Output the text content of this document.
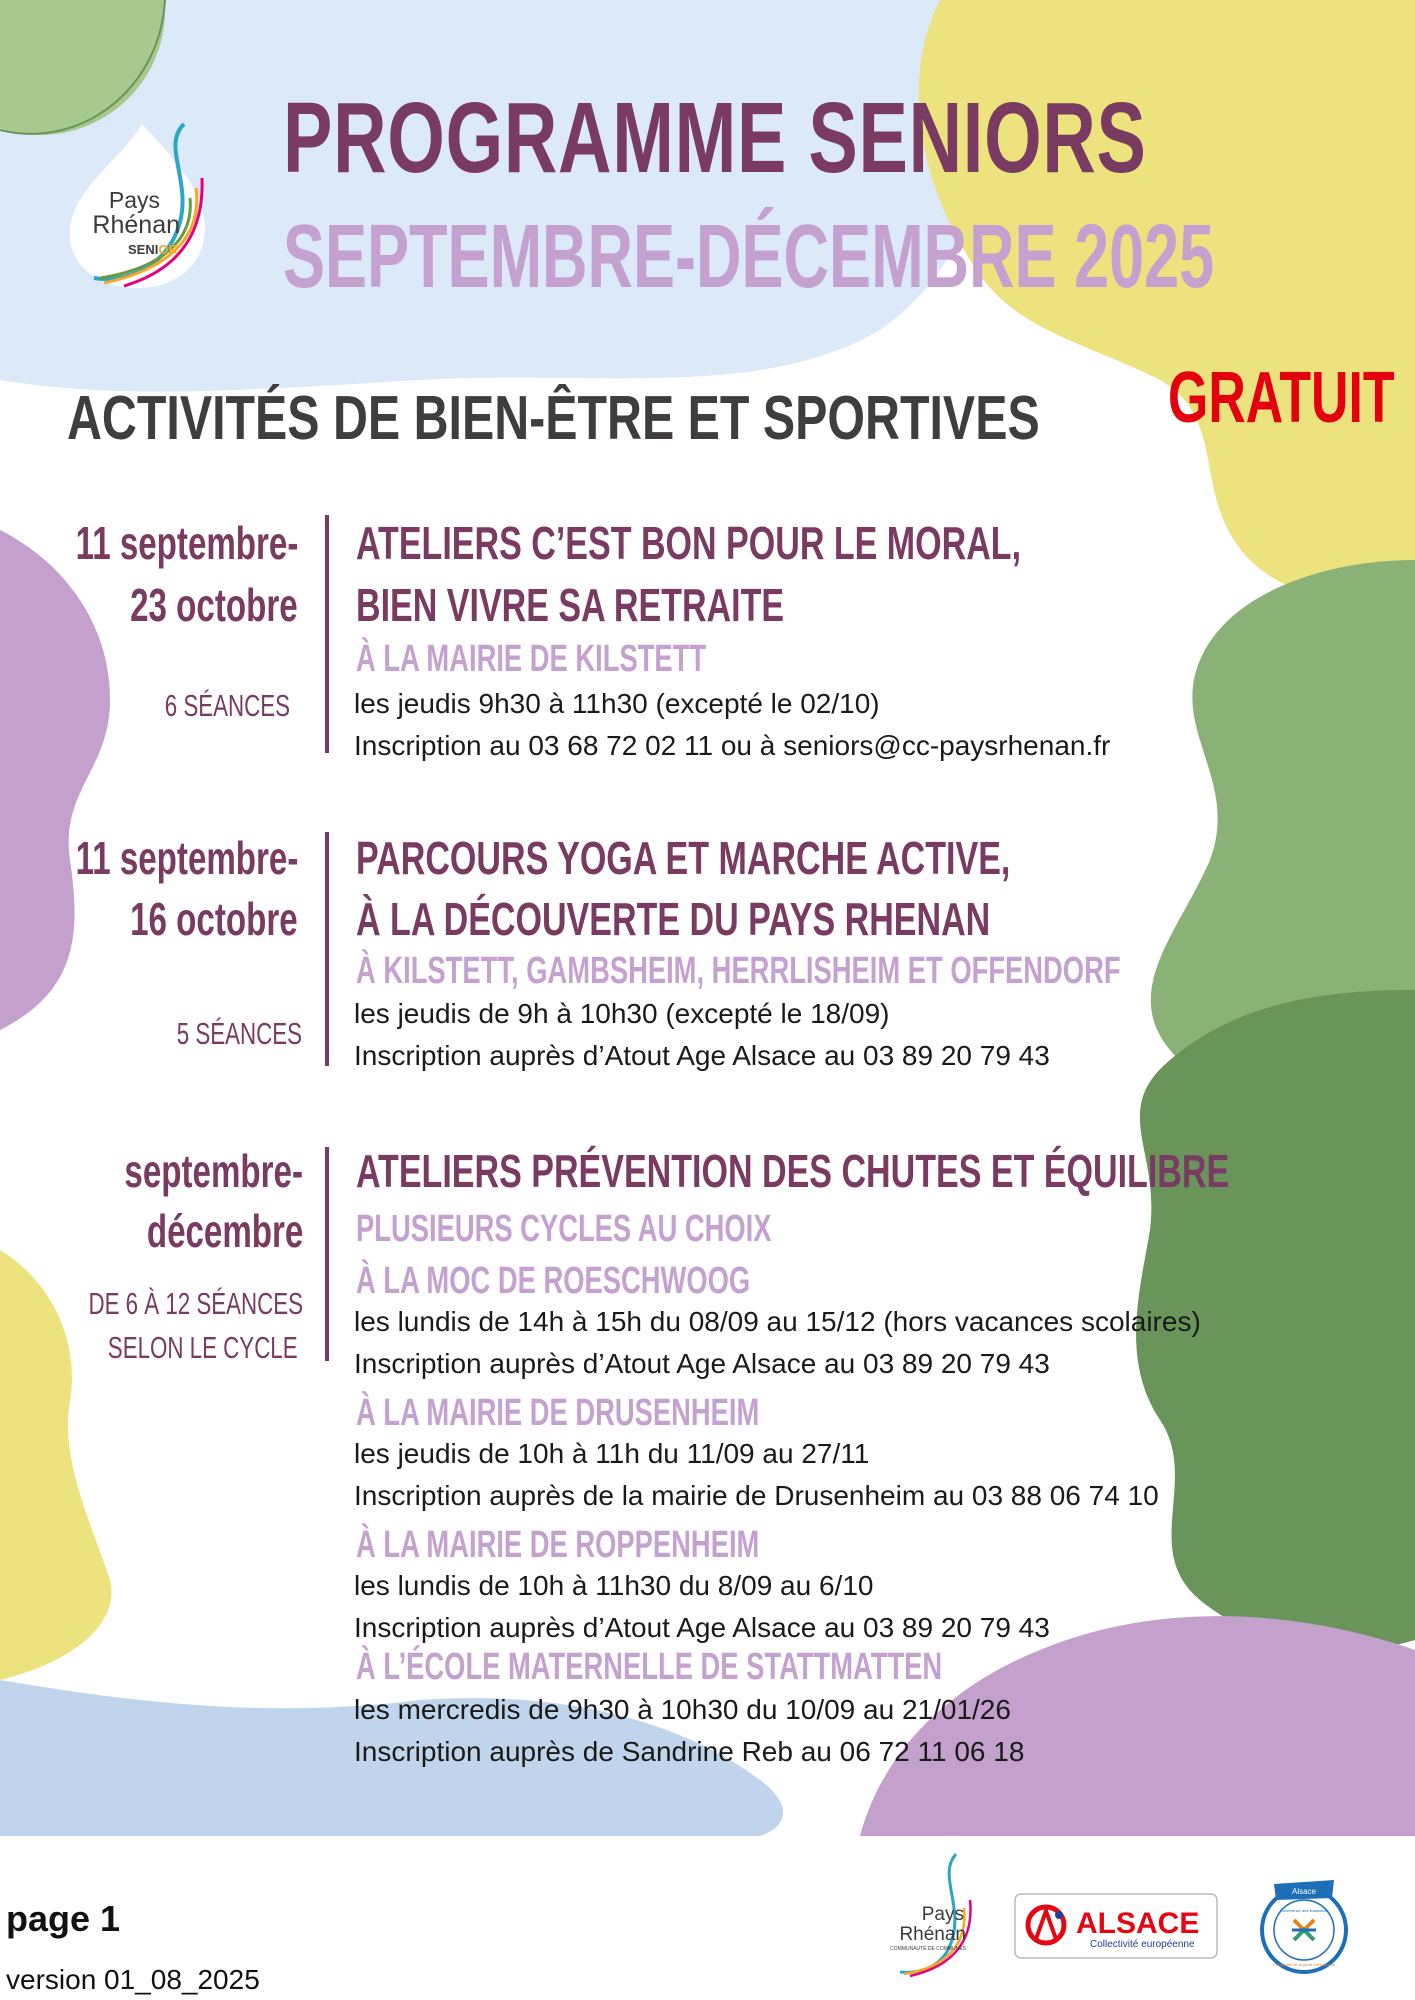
Pays
Rhénan
SENIOR
PROGRAMME SENIORS
SEPTEMBRE-DÉCEMBRE 2025
GRATUIT
ACTIVITÉS DE BIEN-ÊTRE ET SPORTIVES
11 septembre-
23 octobre
6 SÉANCES
ATELIERS C’EST BON POUR LE MORAL,
BIEN VIVRE SA RETRAITE
À LA MAIRIE DE KILSTETT
les jeudis 9h30 à 11h30 (excepté le 02/10)
Inscription au 03 68 72 02 11 ou à seniors@cc-paysrhenan.fr
11 septembre-
16 octobre
5 SÉANCES
PARCOURS YOGA ET MARCHE ACTIVE,
À LA DÉCOUVERTE DU PAYS RHENAN
À KILSTETT, GAMBSHEIM, HERRLISHEIM ET OFFENDORF
les jeudis de 9h à 10h30 (excepté le 18/09)
Inscription auprès d’Atout Age Alsace au 03 89 20 79 43
septembre-
décembre
DE 6 À 12 SÉANCES
SELON LE CYCLE
ATELIERS PRÉVENTION DES CHUTES ET ÉQUILIBRE
PLUSIEURS CYCLES AU CHOIX
À LA MOC DE ROESCHWOOG
les lundis de 14h à 15h du 08/09 au 15/12 (hors vacances scolaires)
Inscription auprès d’Atout Age Alsace au 03 89 20 79 43
À LA MAIRIE DE DRUSENHEIM
les jeudis de 10h à 11h du 11/09 au 27/11
Inscription auprès de la mairie de Drusenheim au 03 88 06 74 10
À LA MAIRIE DE ROPPENHEIM
les lundis de 10h à 11h30 du 8/09 au 6/10
Inscription auprès d’Atout Age Alsace au 03 89 20 79 43
À L’ÉCOLE MATERNELLE DE STATTMATTEN
les mercredis de 9h30 à 10h30 du 10/09 au 21/01/26
Inscription auprès de Sandrine Reb au 06 72 11 06 18
page 1
version 01_08_2025
Pays
Rhénan
COMMUNAUTÉ DE COMMUNES
ALSACE
Collectivité européenne
Alsace
Conférence des financeurs
Prévention de la perte d’autonomie
